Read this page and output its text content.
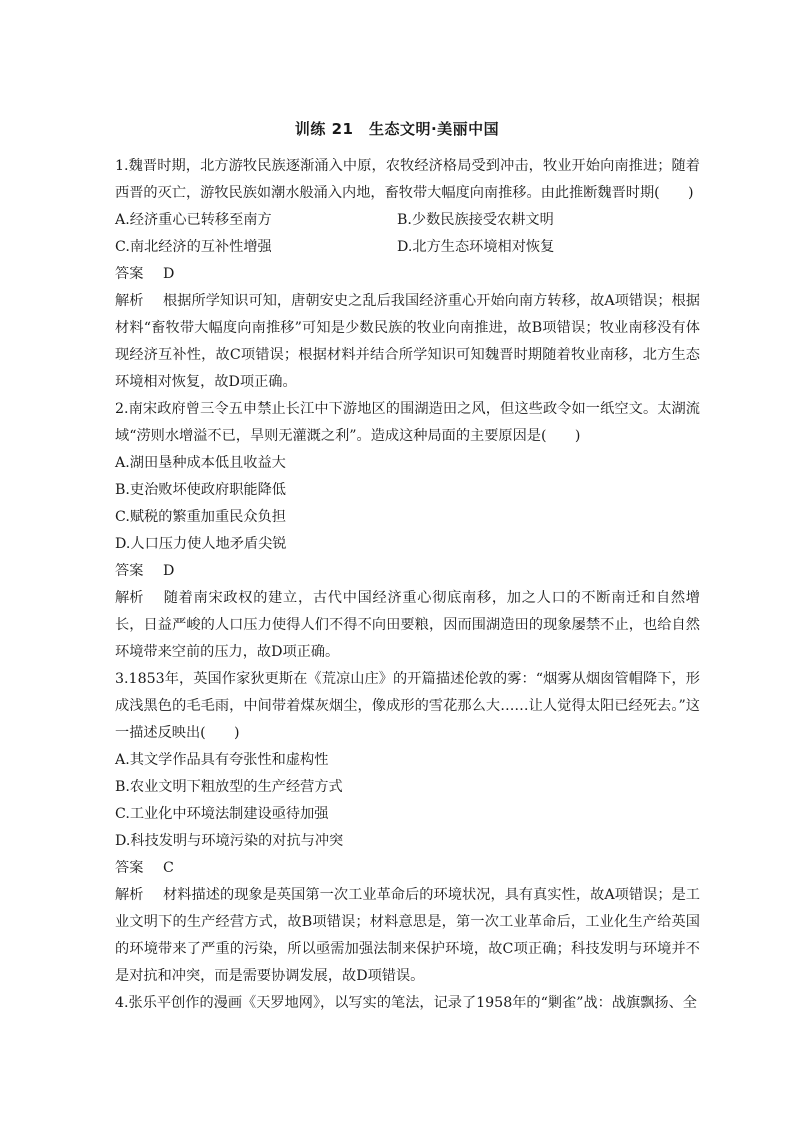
训练 21　生态文明·美丽中国

1.魏晋时期，北方游牧民族逐渐涌入中原，农牧经济格局受到冲击，牧业开始向南推进；随着西晋的灭亡，游牧民族如潮水般涌入内地，畜牧带大幅度向南推移。由此推断魏晋时期(　　)

A.经济重心已转移至南方	B.少数民族接受农耕文明

C.南北经济的互补性增强	D.北方生态环境相对恢复

答案 D

解析 根据所学知识可知，唐朝安史之乱后我国经济重心开始向南方转移，故A项错误；根据材料“畜牧带大幅度向南推移”可知是少数民族的牧业向南推进，故B项错误；牧业南移没有体现经济互补性，故C项错误；根据材料并结合所学知识可知魏晋时期随着牧业南移，北方生态环境相对恢复，故D项正确。

2.南宋政府曾三令五申禁止长江中下游地区的围湖造田之风，但这些政令如一纸空文。太湖流域“涝则水增溢不已，旱则无灌溉之利”。造成这种局面的主要原因是(　　)

A.湖田垦种成本低且收益大

B.吏治败坏使政府职能降低

C.赋税的繁重加重民众负担

D.人口压力使人地矛盾尖锐

答案 D

解析 随着南宋政权的建立，古代中国经济重心彻底南移，加之人口的不断南迁和自然增长，日益严峻的人口压力使得人们不得不向田要粮，因而围湖造田的现象屡禁不止，也给自然环境带来空前的压力，故D项正确。

3.1853年，英国作家狄更斯在《荒凉山庄》的开篇描述伦敦的雾：“烟雾从烟囱管帽降下，形成浅黑色的毛毛雨，中间带着煤灰烟尘，像成形的雪花那么大……让人觉得太阳已经死去。”这一描述反映出(　　)

A.其文学作品具有夸张性和虚构性

B.农业文明下粗放型的生产经营方式

C.工业化中环境法制建设亟待加强

D.科技发明与环境污染的对抗与冲突

答案 C

解析 材料描述的现象是英国第一次工业革命后的环境状况，具有真实性，故A项错误；是工业文明下的生产经营方式，故B项错误；材料意思是，第一次工业革命后，工业化生产给英国的环境带来了严重的污染，所以亟需加强法制来保护环境，故C项正确；科技发明与环境并不是对抗和冲突，而是需要协调发展，故D项错误。

4.张乐平创作的漫画《天罗地网》，以写实的笔法，记录了1958年的“剿雀”战：战旗飘扬、全
